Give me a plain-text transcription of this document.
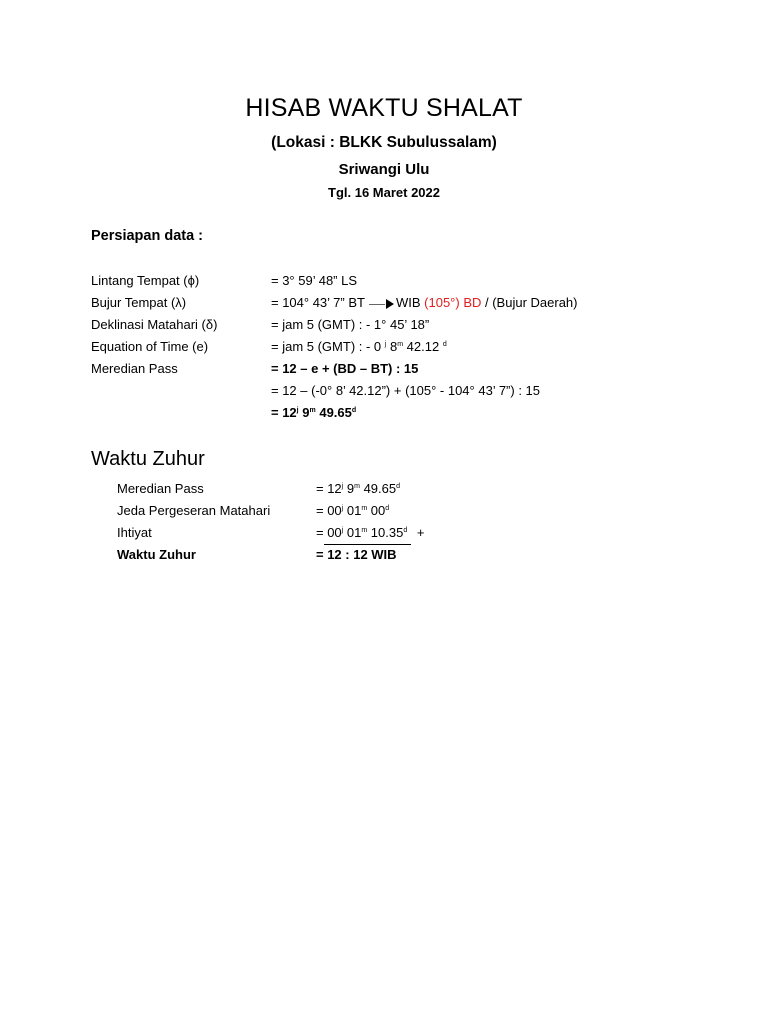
HISAB WAKTU SHALAT
(Lokasi : BLKK Subulussalam)
Sriwangi Ulu
Tgl. 16 Maret 2022
Persiapan data :
Lintang Tempat (ϕ)	= 3° 59’ 48” LS
Bujur Tempat (λ)	= 104° 43’ 7” BT WIB (105°) BD / (Bujur Daerah)
Deklinasi Matahari (δ)	= jam 5 (GMT) : - 1° 45’ 18”
Equation of Time (e)	= jam 5 (GMT) : - 0 $^j$ 8$^m$ 42.12 $^d$
Meredian Pass	= 12 – e + (BD – BT) : 15
= 12 – (-0° 8’ 42.12”) + (105° - 104° 43’ 7”) : 15
= $12^j$ 9$^m$ 49.65$^d$
Waktu Zuhur
Meredian Pass	= $12^j$ 9$^m$ 49.65$^d$
Jeda Pergeseran Matahari	= $00^j$ 01$^m$ 00$^d$
Ihtiyat	= $00^j$ 01$^m$ 10.35$^d$ +
Waktu Zuhur	= 12 : 12 WIB
